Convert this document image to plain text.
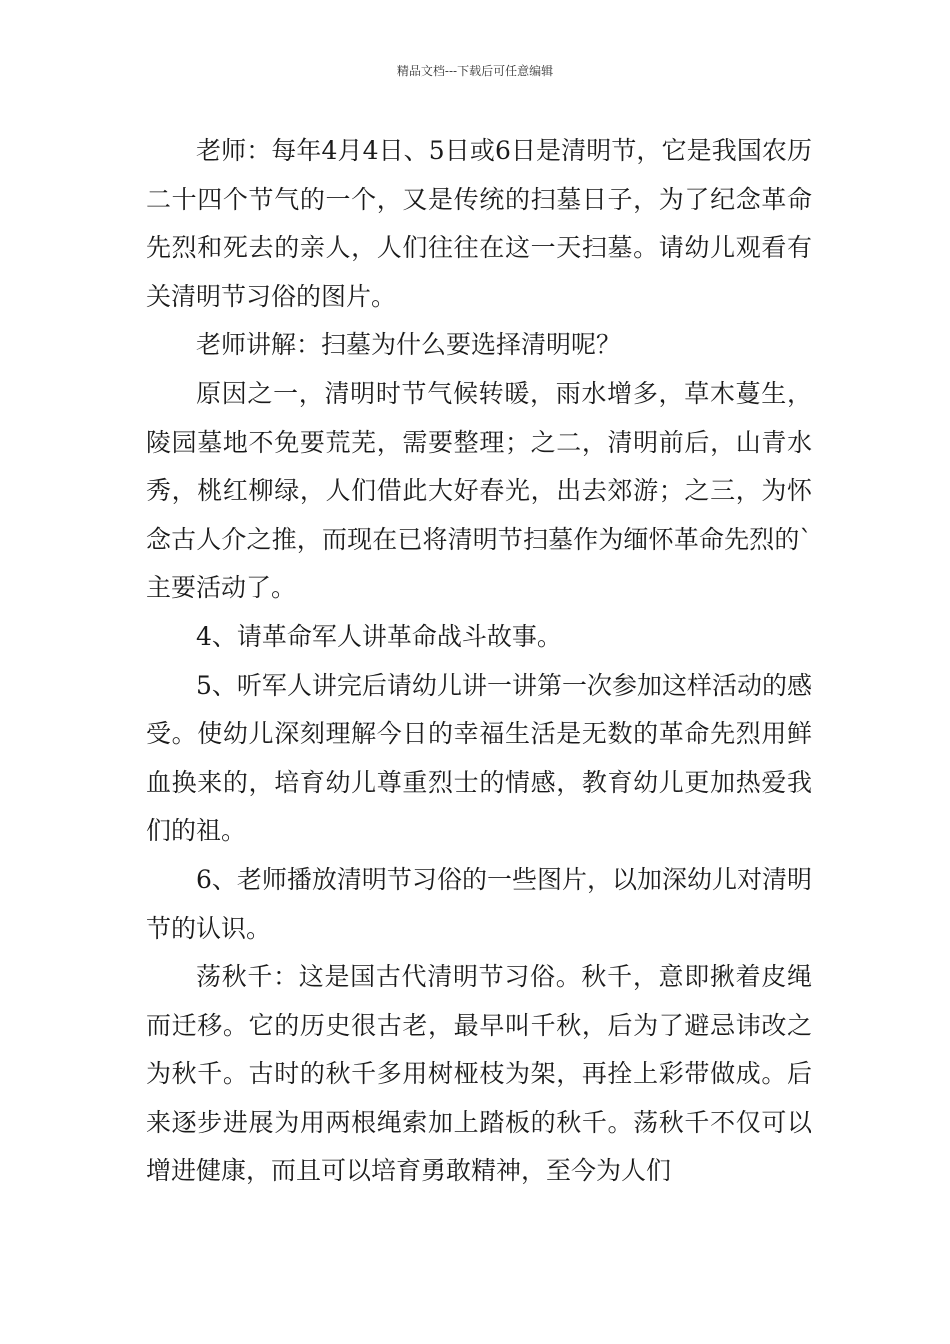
精品文档---下载后可任意编辑

老师：每年4月4日、5日或6日是清明节，它是我国农历二十四个节气的一个，又是传统的扫墓日子，为了纪念革命先烈和死去的亲人，人们往往在这一天扫墓。请幼儿观看有关清明节习俗的图片。

老师讲解：扫墓为什么要选择清明呢？

原因之一，清明时节气候转暖，雨水增多，草木蔓生，陵园墓地不免要荒芜，需要整理；之二，清明前后，山青水秀，桃红柳绿，人们借此大好春光，出去郊游；之三，为怀念古人介之推，而现在已将清明节扫墓作为缅怀革命先烈的`主要活动了。

4、请革命军人讲革命战斗故事。

5、听军人讲完后请幼儿讲一讲第一次参加这样活动的感受。使幼儿深刻理解今日的幸福生活是无数的革命先烈用鲜血换来的，培育幼儿尊重烈士的情感，教育幼儿更加热爱我们的祖。

6、老师播放清明节习俗的一些图片，以加深幼儿对清明节的认识。

荡秋千：这是国古代清明节习俗。秋千，意即揪着皮绳而迁移。它的历史很古老，最早叫千秋，后为了避忌讳改之为秋千。古时的秋千多用树桠枝为架，再拴上彩带做成。后来逐步进展为用两根绳索加上踏板的秋千。荡秋千不仅可以增进健康，而且可以培育勇敢精神，至今为人们
